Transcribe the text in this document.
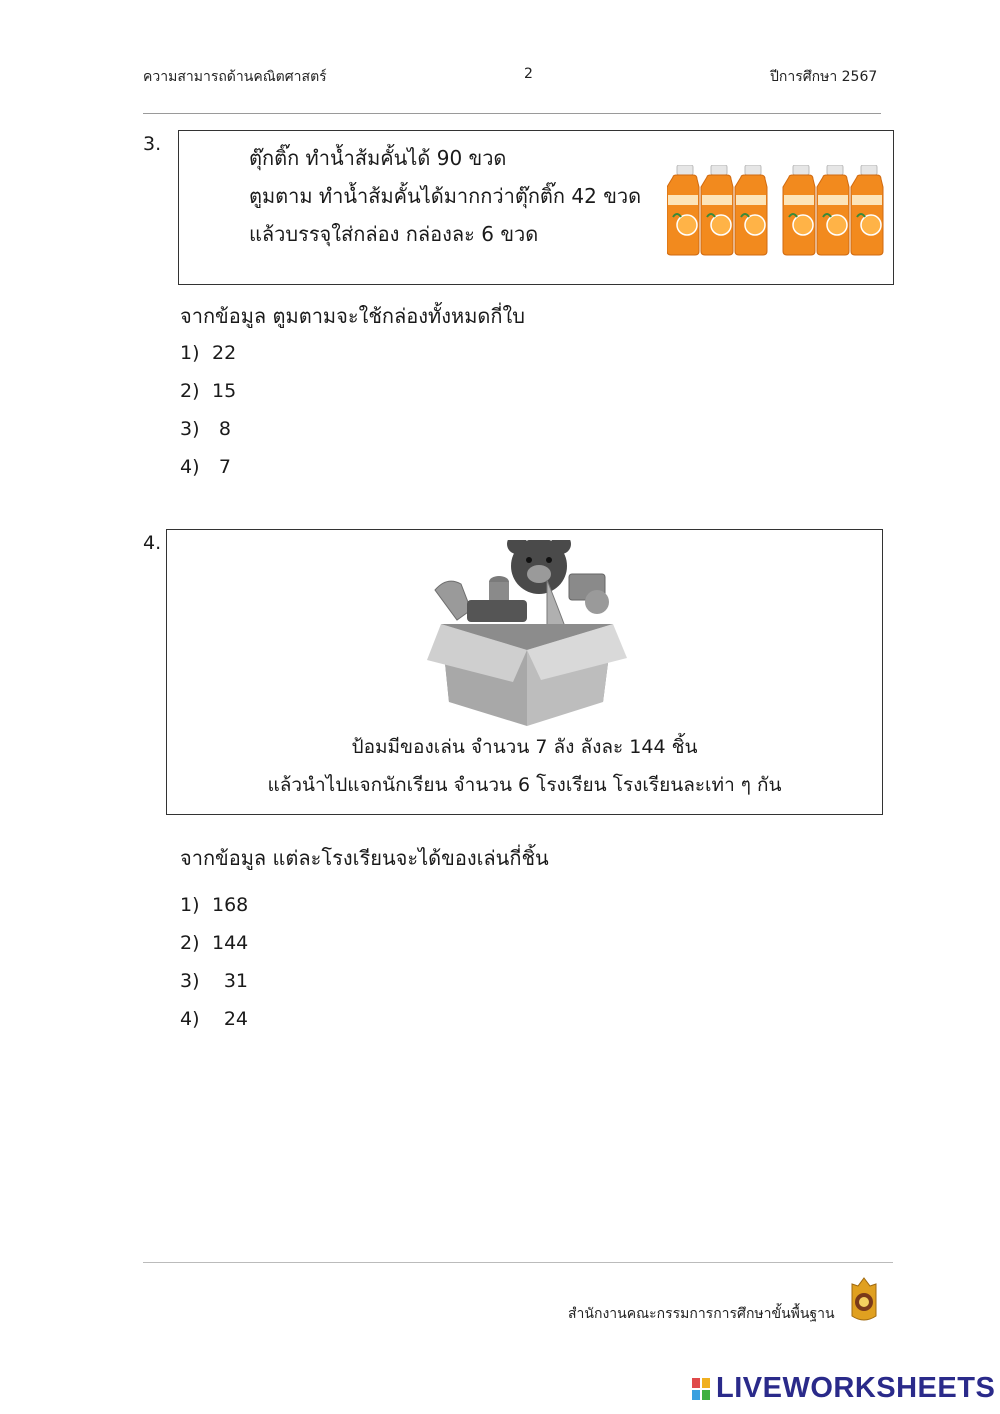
ความสามารถด้านคณิตศาสตร์	2	ปีการศึกษา 2567
3.
ตุ๊กติ๊ก ทำน้ำส้มคั้นได้ 90 ขวด
ตูมตาม ทำน้ำส้มคั้นได้มากกว่าตุ๊กติ๊ก 42 ขวด
แล้วบรรจุใส่กล่อง กล่องละ 6 ขวด
จากข้อมูล ตูมตามจะใช้กล่องทั้งหมดกี่ใบ
1) 22
2) 15
3)	8
4)	7
4.
ป้อมมีของเล่น จำนวน 7 ลัง ลังละ 144 ชิ้น
แล้วนำไปแจกนักเรียน จำนวน 6 โรงเรียน โรงเรียนละเท่า ๆ กัน
จากข้อมูล แต่ละโรงเรียนจะได้ของเล่นกี่ชิ้น
1) 168
2) 144
3)	31
4)	24
สำนักงานคณะกรรมการการศึกษาขั้นพื้นฐาน
LIVEWORKSHEETS
